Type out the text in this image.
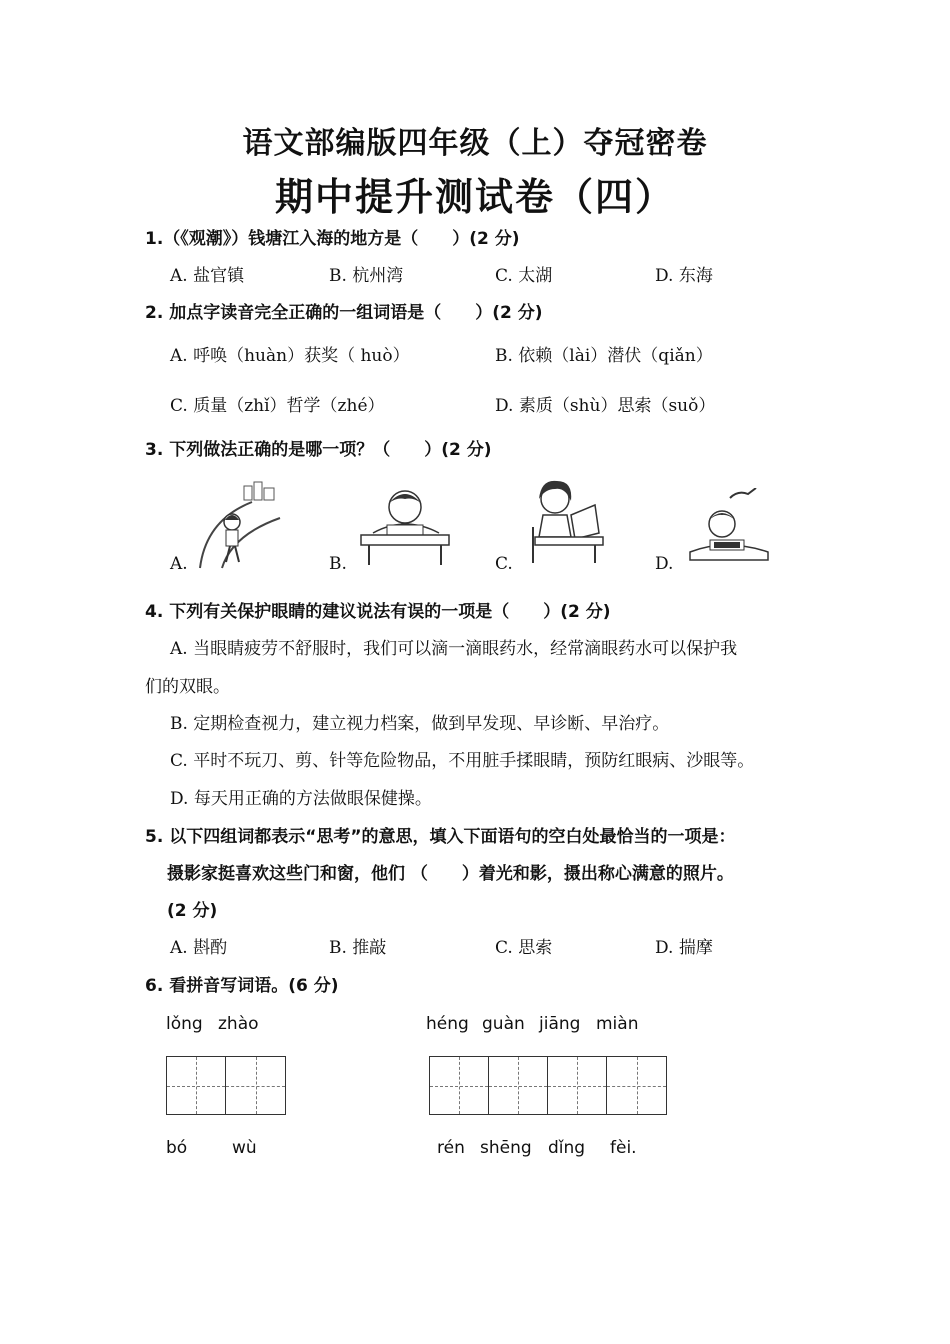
语文部编版四年级（上）夺冠密卷
期中提升测试卷（四）
1.（《观潮》）钱塘江入海的地方是（　　）(2 分)
A. 盐官镇	B. 杭州湾	C. 太湖	D. 东海
2. 加点字读音完全正确的一组词语是（　　）(2 分)
A. 呼唤（huàn）获奖（ huò）	B. 依赖（lài）潜伏（qiǎn）
C. 质量（zhǐ）哲学（zhé）	D. 素质（shù）思索（suǒ）
3. 下列做法正确的是哪一项？（　　）(2 分)
A.	B.	C.	D.
4. 下列有关保护眼睛的建议说法有误的一项是（　　）(2 分)
A. 当眼睛疲劳不舒服时，我们可以滴一滴眼药水，经常滴眼药水可以保护我
们的双眼。
B. 定期检查视力，建立视力档案，做到早发现、早诊断、早治疗。
C. 平时不玩刀、剪、针等危险物品，不用脏手揉眼睛，预防红眼病、沙眼等。
D. 每天用正确的方法做眼保健操。
5. 以下四组词都表示“思考”的意思，填入下面语句的空白处最恰当的一项是：
摄影家挺喜欢这些门和窗，他们 （　　）着光和影，摄出称心满意的照片。
(2 分)
A. 斟酌	B. 推敲	C. 思索	D. 揣摩
6. 看拼音写词语。(6 分)
lǒng zhào	héng guàn jiāng miàn
bó	wù	rén shēng dǐng fèi.
